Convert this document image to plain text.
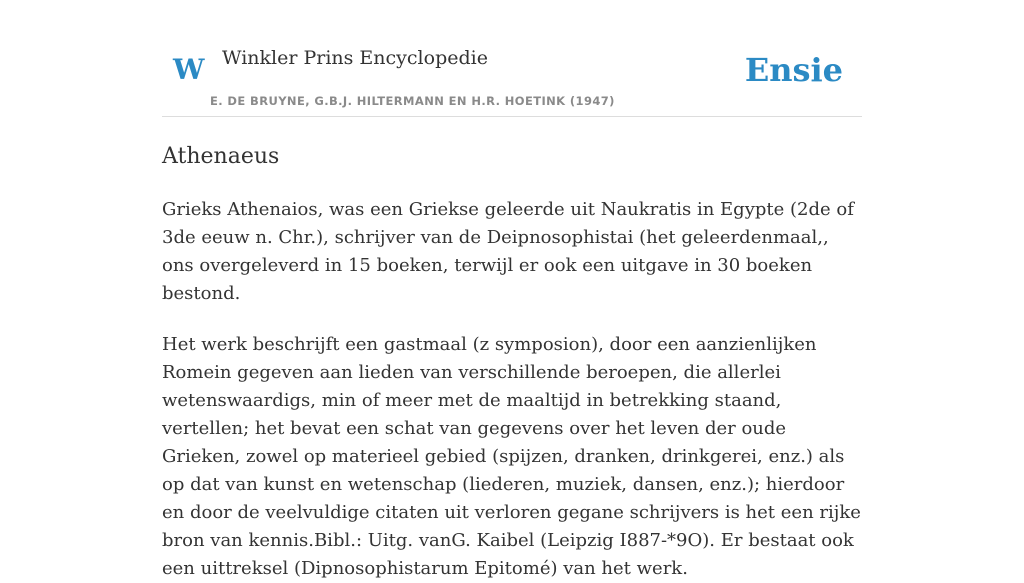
W Winkler Prins Encyclopedie
E. DE BRUYNE, G.B.J. HILTERMANN EN H.R. HOETINK (1947)
Ensie
Athenaeus

Grieks Athenaios, was een Griekse geleerde uit Naukratis in Egypte (2de of 3de eeuw n. Chr.), schrijver van de Deipnosophistai (het geleerdenmaal,, ons overgeleverd in 15 boeken, terwijl er ook een uitgave in 30 boeken bestond.

Het werk beschrijft een gastmaal (z symposion), door een aanzienlijken Romein gegeven aan lieden van verschillende beroepen, die allerlei wetenswaardigs, min of meer met de maaltijd in betrekking staand, vertellen; het bevat een schat van gegevens over het leven der oude Grieken, zowel op materieel gebied (spijzen, dranken, drinkgerei, enz.) als op dat van kunst en wetenschap (liederen, muziek, dansen, enz.); hierdoor en door de veelvuldige citaten uit verloren gegane schrijvers is het een rijke bron van kennis.Bibl.: Uitg. vanG. Kaibel (Leipzig I887-*9O). Er bestaat ook een uittreksel (Dipnosophistarum Epitomé) van het werk.
